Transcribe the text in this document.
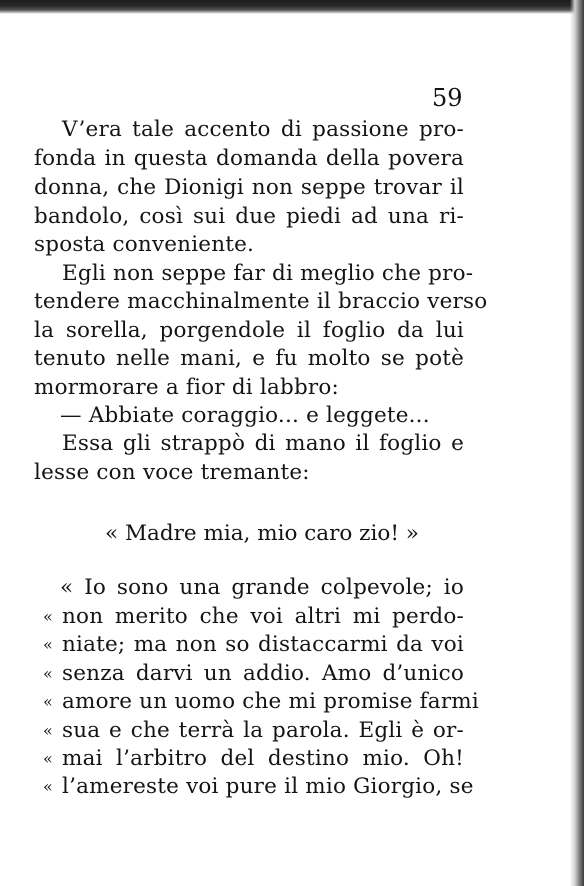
59
V’era tale accento di passione pro-
fonda in questa domanda della povera
donna, che Dionigi non seppe trovar il
bandolo, così sui due piedi ad una ri-
sposta conveniente.
Egli non seppe far di meglio che pro-
tendere macchinalmente il braccio verso
la sorella, porgendole il foglio da lui
tenuto nelle mani, e fu molto se potè
mormorare a fior di labbro:
— Abbiate coraggio... e leggete...
Essa gli strappò di mano il foglio e
lesse con voce tremante:
« Madre mia, mio caro zio! »
« Io sono una grande colpevole; io
« non merito che voi altri mi perdo-
« niate; ma non so distaccarmi da voi
« senza darvi un addio. Amo d’unico
« amore un uomo che mi promise farmi
« sua e che terrà la parola. Egli è or-
« mai l’arbitro del destino mio. Oh!
« l’amereste voi pure il mio Giorgio, se
